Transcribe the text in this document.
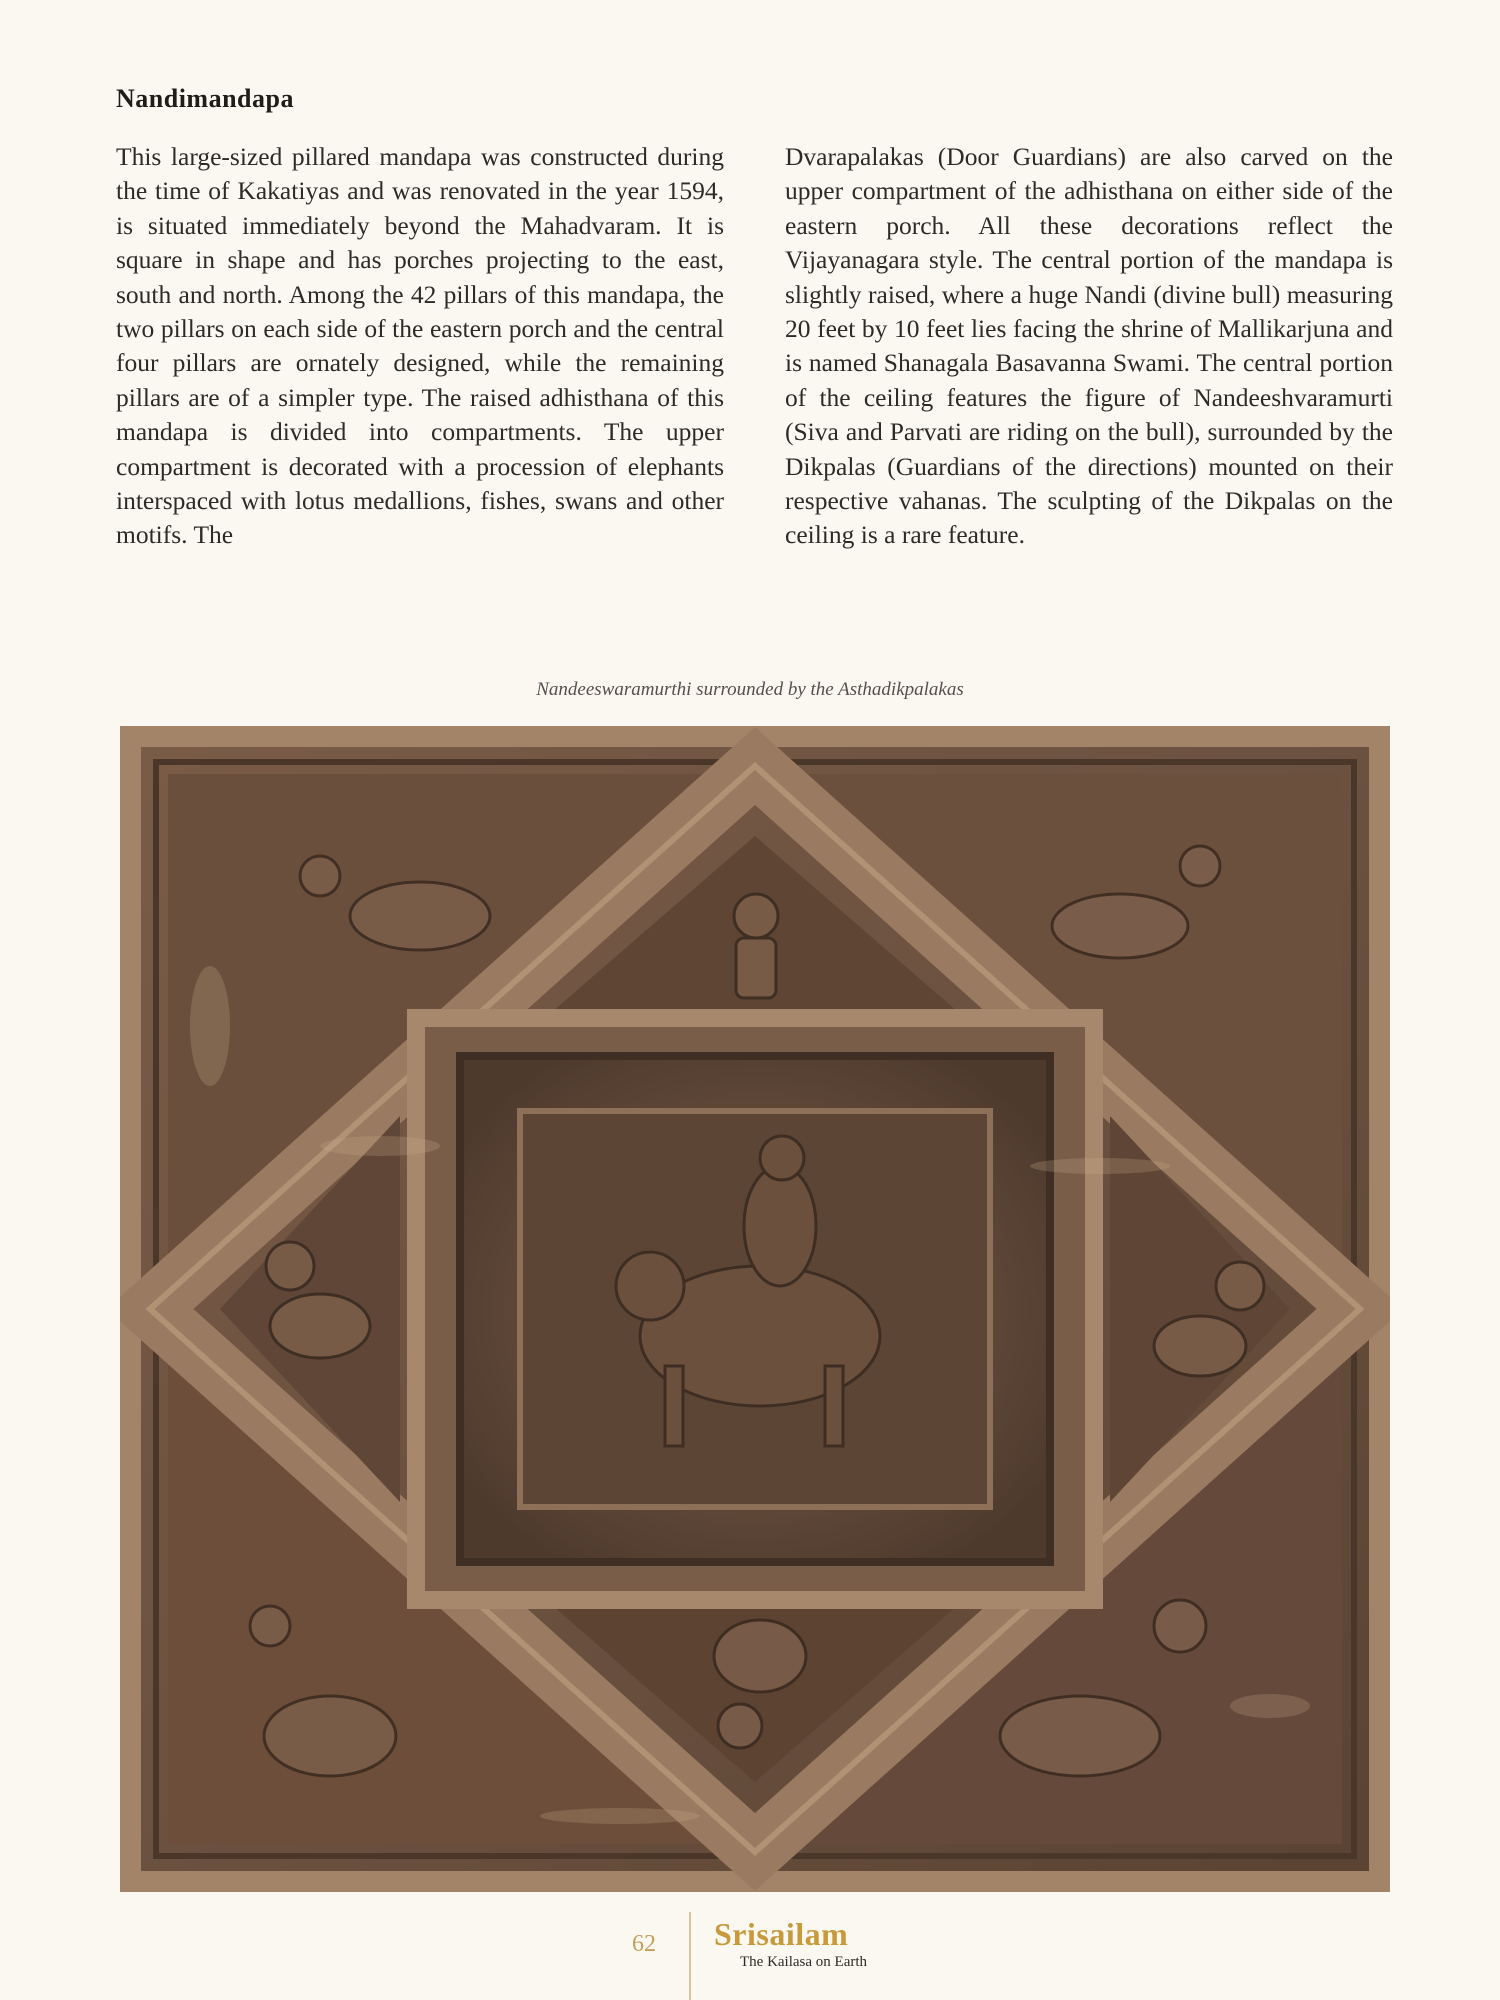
Nandimandapa
This large-sized pillared mandapa was constructed during the time of Kakatiyas and was renovated in the year 1594, is situated immediately beyond the Mahadvaram. It is square in shape and has porches projecting to the east, south and north. Among the 42 pillars of this mandapa, the two pillars on each side of the eastern porch and the central four pillars are ornately designed, while the remaining pillars are of a simpler type. The raised adhisthana of this mandapa is divided into compartments. The upper compartment is decorated with a procession of elephants interspaced with lotus medallions, fishes, swans and other motifs. The
Dvarapalakas (Door Guardians) are also carved on the upper compartment of the adhisthana on either side of the eastern porch. All these decorations reflect the Vijayanagara style. The central portion of the mandapa is slightly raised, where a huge Nandi (divine bull) measuring 20 feet by 10 feet lies facing the shrine of Mallikarjuna and is named Shanagala Basavanna Swami. The central portion of the ceiling features the figure of Nandeeshvaramurti (Siva and Parvati are riding on the bull), surrounded by the Dikpalas (Guardians of the directions) mounted on their respective vahanas. The sculpting of the Dikpalas on the ceiling is a rare feature.
Nandeeswaramurthi surrounded by the Asthadikpalakas
62 Srisailam
The Kailasa on Earth
